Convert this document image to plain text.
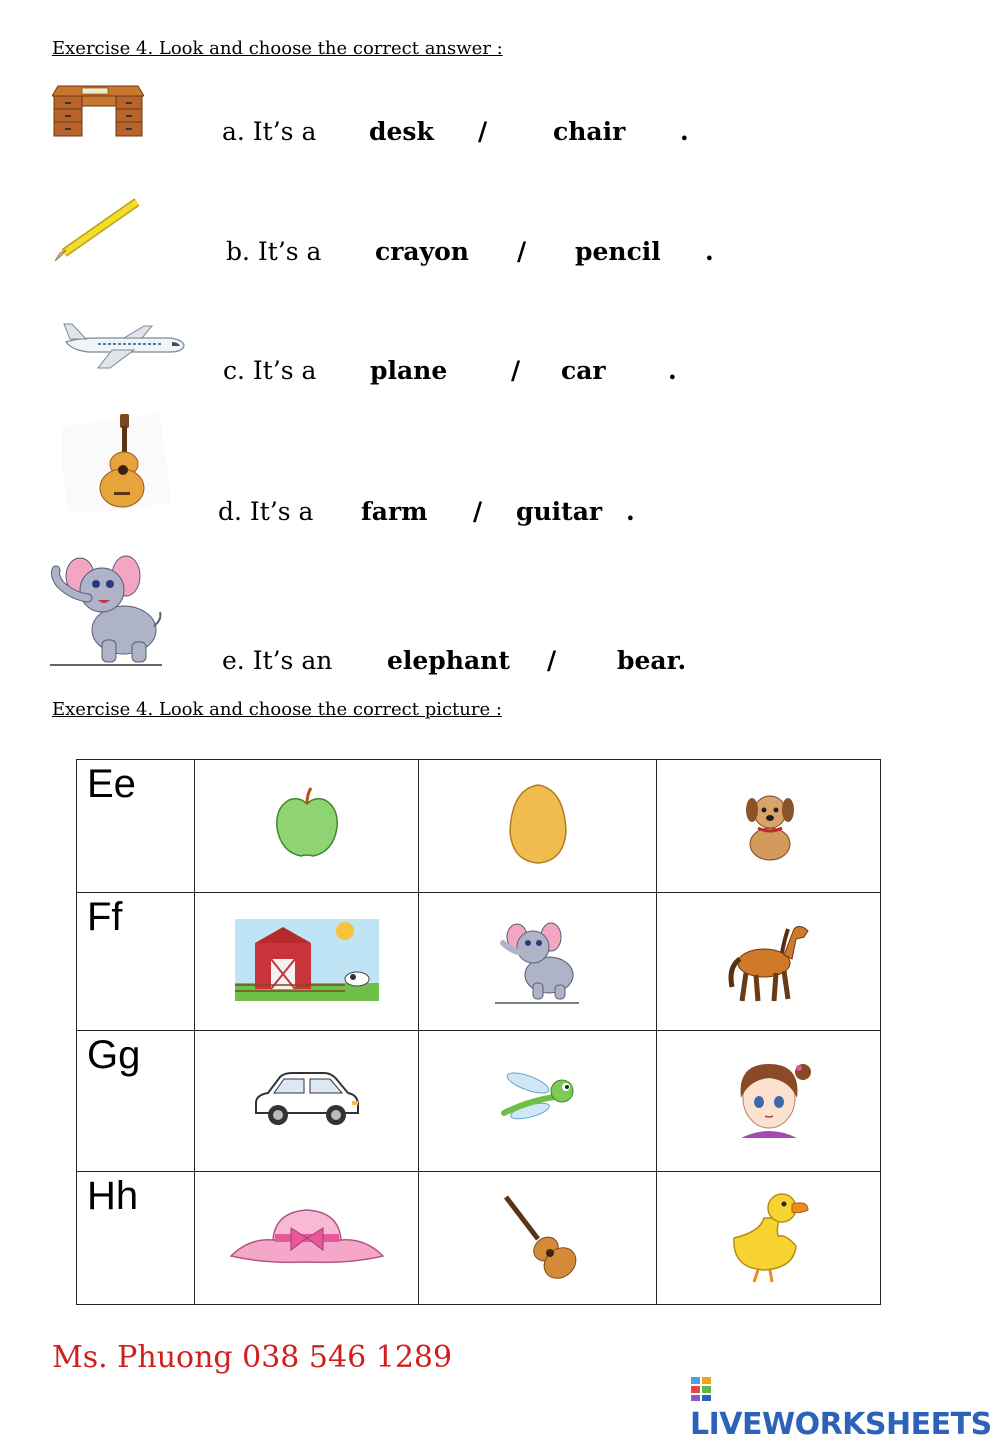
Exercise 4. Look and choose the correct answer :
a. It’s a desk /	chair .
b. It’s a crayon / pencil .
c. It’s a plane	/ car .
d. It’s a farm / guitar .
e. It’s an elephant / bear.
Exercise 4. Look and choose the correct picture :
Ee

Ff

Gg

Hh

Ms. Phuong 038 546 1289
LIVEWORKSHEETS
